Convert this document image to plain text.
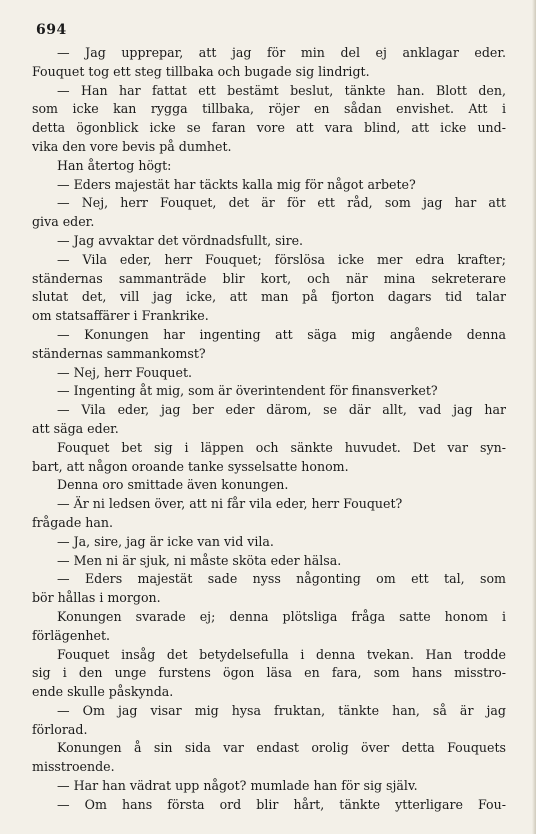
694
— Jag upprepar, att jag för min del ej anklagar eder.
Fouquet tog ett steg tillbaka och bugade sig lindrigt.
— Han har fattat ett bestämt beslut, tänkte han. Blott den,
som icke kan rygga tillbaka, röjer en sådan envishet. Att i
detta ögonblick icke se faran vore att vara blind, att icke und-
vika den vore bevis på dumhet.
Han återtog högt:
— Eders majestät har täckts kalla mig för något arbete?
— Nej, herr Fouquet, det är för ett råd, som jag har att
giva eder.
— Jag avvaktar det vördnadsfullt, sire.
— Vila eder, herr Fouquet; förslösa icke mer edra krafter;
ständernas sammanträde blir kort, och när mina sekreterare
slutat det, vill jag icke, att man på fjorton dagars tid talar
om statsaffärer i Frankrike.
— Konungen har ingenting att säga mig angående denna
ständernas sammankomst?
— Nej, herr Fouquet.
— Ingenting åt mig, som är överintendent för finansverket?
— Vila eder, jag ber eder därom, se där allt, vad jag har
att säga eder.
Fouquet bet sig i läppen och sänkte huvudet. Det var syn-
bart, att någon oroande tanke sysselsatte honom.
Denna oro smittade även konungen.
— Är ni ledsen över, att ni får vila eder, herr Fouquet?
frågade han.
— Ja, sire, jag är icke van vid vila.
— Men ni är sjuk, ni måste sköta eder hälsa.
— Eders majestät sade nyss någonting om ett tal, som
bör hållas i morgon.
Konungen svarade ej; denna plötsliga fråga satte honom i
förlägenhet.
Fouquet insåg det betydelsefulla i denna tvekan. Han trodde
sig i den unge furstens ögon läsa en fara, som hans misstro-
ende skulle påskynda.
— Om jag visar mig hysa fruktan, tänkte han, så är jag
förlorad.
Konungen å sin sida var endast orolig över detta Fouquets
misstroende.
— Har han vädrat upp något? mumlade han för sig själv.
— Om hans första ord blir hårt, tänkte ytterligare Fou-
